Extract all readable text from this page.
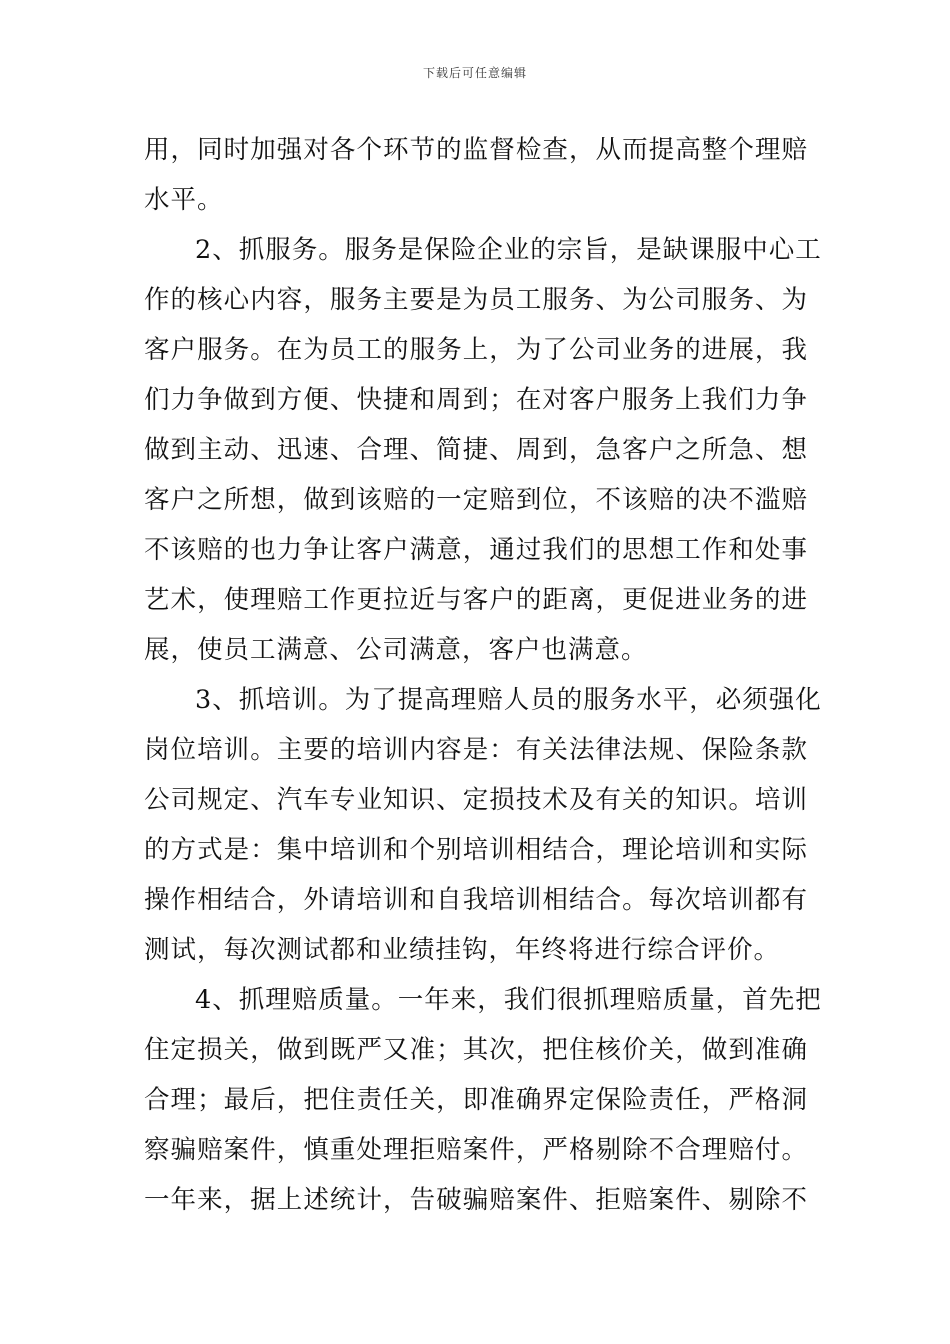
下载后可任意编辑
用，同时加强对各个环节的监督检查，从而提高整个理赔
水平。
2、抓服务。服务是保险企业的宗旨，是缺课服中心工
作的核心内容，服务主要是为员工服务、为公司服务、为
客户服务。在为员工的服务上，为了公司业务的进展，我
们力争做到方便、快捷和周到；在对客户服务上我们力争
做到主动、迅速、合理、简捷、周到，急客户之所急、想
客户之所想，做到该赔的一定赔到位，不该赔的决不滥赔
不该赔的也力争让客户满意，通过我们的思想工作和处事
艺术，使理赔工作更拉近与客户的距离，更促进业务的进
展，使员工满意、公司满意，客户也满意。
3、抓培训。为了提高理赔人员的服务水平，必须强化
岗位培训。主要的培训内容是：有关法律法规、保险条款
公司规定、汽车专业知识、定损技术及有关的知识。培训
的方式是：集中培训和个别培训相结合，理论培训和实际
操作相结合，外请培训和自我培训相结合。每次培训都有
测试，每次测试都和业绩挂钩，年终将进行综合评价。
4、抓理赔质量。一年来，我们很抓理赔质量，首先把
住定损关，做到既严又准；其次，把住核价关，做到准确
合理；最后，把住责任关，即准确界定保险责任，严格洞
察骗赔案件，慎重处理拒赔案件，严格剔除不合理赔付。
一年来，据上述统计，告破骗赔案件、拒赔案件、剔除不
